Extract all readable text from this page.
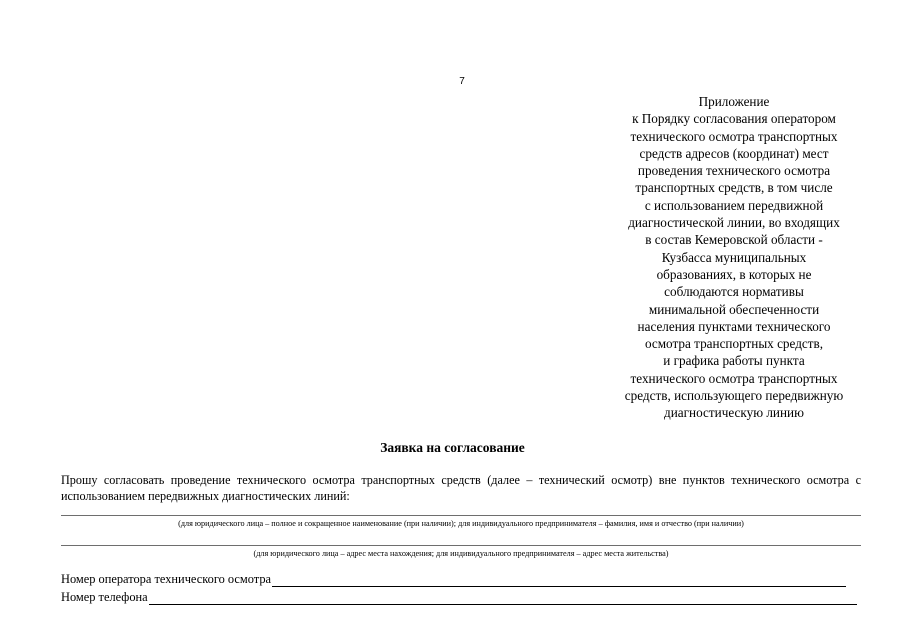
7
Приложение
к Порядку согласования оператором
технического осмотра транспортных
средств адресов (координат) мест
проведения технического осмотра
транспортных средств, в том числе
с использованием передвижной
диагностической линии, во входящих
в состав Кемеровской области -
Кузбасса муниципальных
образованиях, в которых не
соблюдаются нормативы
минимальной обеспеченности
населения пунктами технического
осмотра транспортных средств,
и графика работы пункта
технического осмотра транспортных
средств, использующего передвижную
диагностическую линию
Заявка на согласование
Прошу согласовать проведение технического осмотра транспортных средств (далее – технический осмотр) вне пунктов технического осмотра с использованием передвижных диагностических линий:
(для юридического лица – полное и сокращенное наименование (при наличии); для индивидуального предпринимателя – фамилия, имя и отчество (при наличии)
(для юридического лица – адрес места нахождения; для индивидуального предпринимателя – адрес места жительства)
Номер оператора технического осмотра
Номер телефона
